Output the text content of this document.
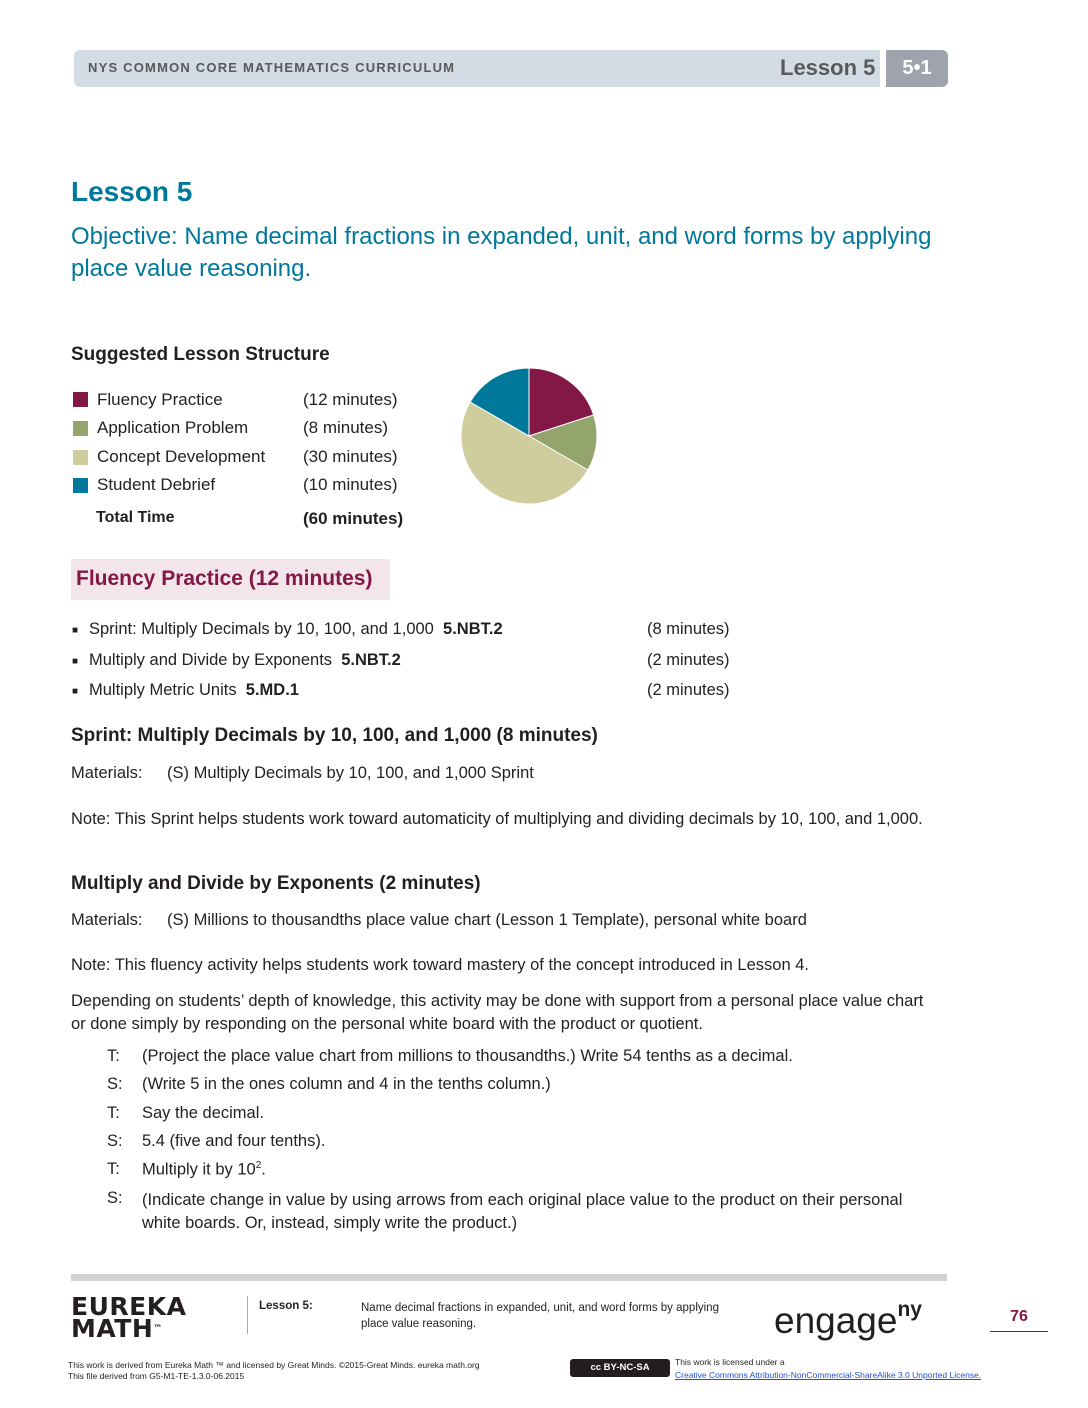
NYS COMMON CORE MATHEMATICS CURRICULUM	Lesson 5	5•1
Lesson 5
Objective: Name decimal fractions in expanded, unit, and word forms by applying place value reasoning.
Suggested Lesson Structure
Fluency Practice	(12 minutes)
Application Problem	(8 minutes)
Concept Development (30 minutes)
Student Debrief	(10 minutes)
Total Time	(60 minutes)
Fluency Practice (12 minutes)
■ Sprint: Multiply Decimals by 10, 100, and 1,000 5.NBT.2	(8 minutes)
■ Multiply and Divide by Exponents 5.NBT.2	(2 minutes)
■ Multiply Metric Units 5.MD.1	(2 minutes)
Sprint: Multiply Decimals by 10, 100, and 1,000 (8 minutes)
Materials: (S) Multiply Decimals by 10, 100, and 1,000 Sprint
Note: This Sprint helps students work toward automaticity of multiplying and dividing decimals by 10, 100, and 1,000.
Multiply and Divide by Exponents (2 minutes)
Materials: (S) Millions to thousandths place value chart (Lesson 1 Template), personal white board
Note: This fluency activity helps students work toward mastery of the concept introduced in Lesson 4.
Depending on students’ depth of knowledge, this activity may be done with support from a personal place value chart or done simply by responding on the personal white board with the product or quotient.
T: (Project the place value chart from millions to thousandths.) Write 54 tenths as a decimal.
S: (Write 5 in the ones column and 4 in the tenths column.)
T: Say the decimal.
S: 5.4 (five and four tenths).
T: Multiply it by $10^2$.
S: (Indicate change in value by using arrows from each original place value to the product on their personal white boards. Or, instead, simply write the product.)
EUREKA
MATH™
Lesson 5:	Name decimal fractions in expanded, unit, and word forms by applying place value reasoning.	engage$^{ny}$	76
This work is derived from Eureka Math ™ and licensed by Great Minds. ©2015-Great Minds. eureka math.org
This file derived from G5-M1-TE-1.3.0-06.2015
cc BY-NC-SA	This work is licensed under a
Creative Commons Attribution-NonCommercial-ShareAlike 3.0 Unported License.
